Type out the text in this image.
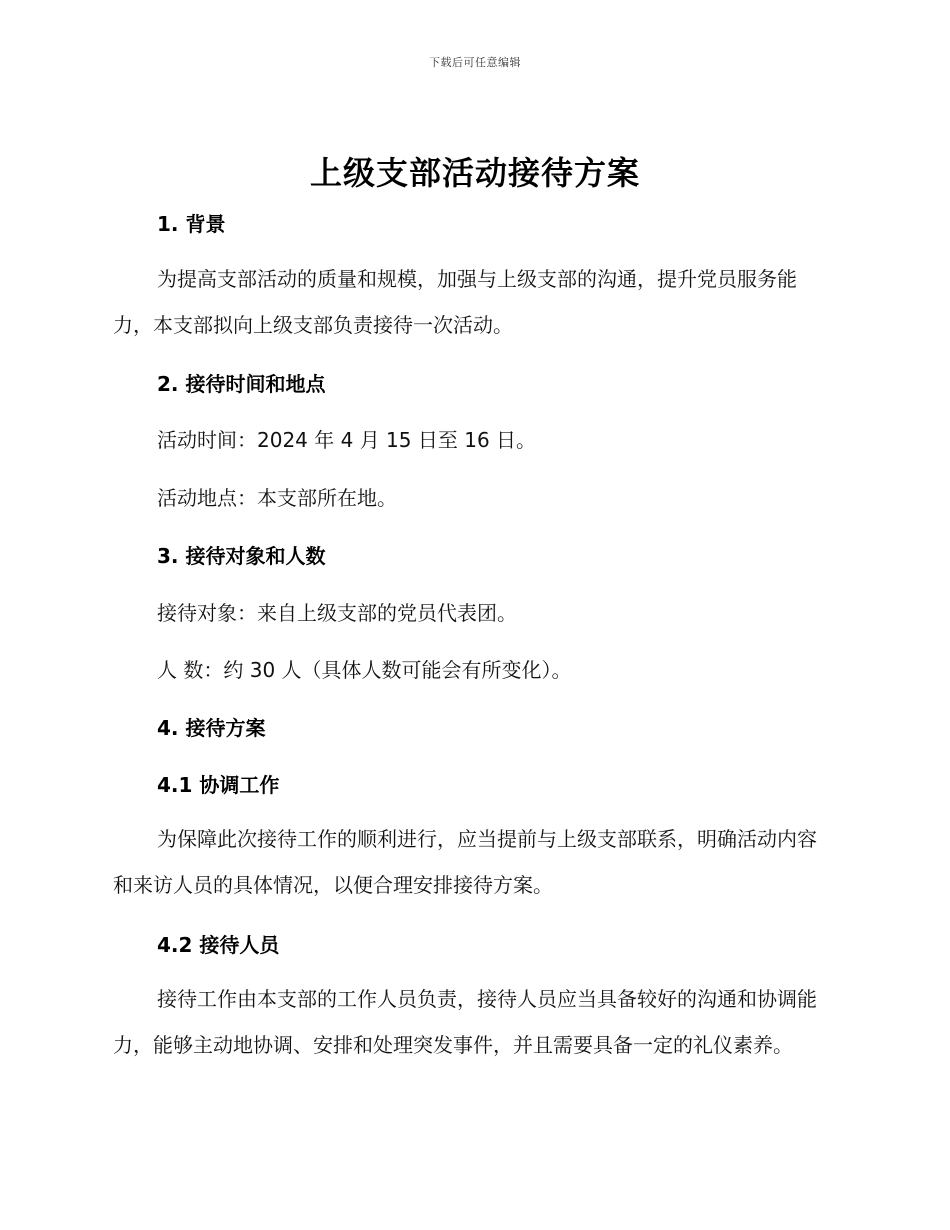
下载后可任意编辑
上级支部活动接待方案
1. 背景
为提高支部活动的质量和规模，加强与上级支部的沟通，提升党员服务能力，本支部拟向上级支部负责接待一次活动。
2. 接待时间和地点
活动时间：2024 年 4 月 15 日至 16 日。
活动地点：本支部所在地。
3. 接待对象和人数
接待对象：来自上级支部的党员代表团。
人 数：约 30 人（具体人数可能会有所变化）。
4. 接待方案
4.1 协调工作
为保障此次接待工作的顺利进行，应当提前与上级支部联系，明确活动内容和来访人员的具体情况，以便合理安排接待方案。
4.2 接待人员
接待工作由本支部的工作人员负责，接待人员应当具备较好的沟通和协调能力，能够主动地协调、安排和处理突发事件，并且需要具备一定的礼仪素养。
